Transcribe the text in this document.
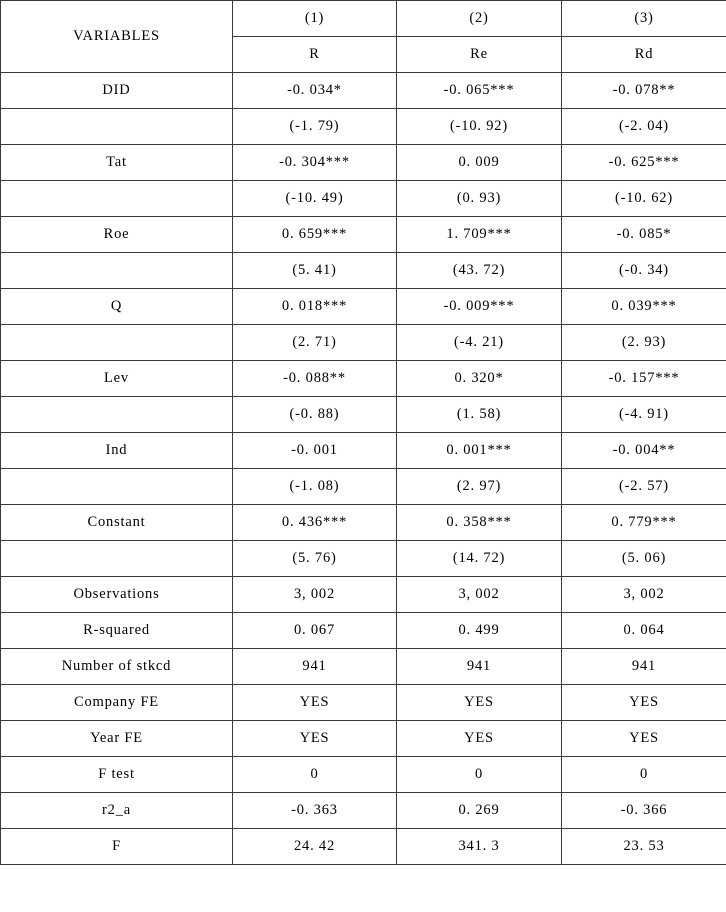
VARIABLES	(1)	(2)	(3)
	R	Re	Rd
DID	-0. 034*	-0. 065***	-0. 078**
	(-1. 79)	(-10. 92)	(-2. 04)
Tat	-0. 304***	0. 009	-0. 625***
	(-10. 49)	(0. 93)	(-10. 62)
Roe	0. 659***	1. 709***	-0. 085*
	(5. 41)	(43. 72)	(-0. 34)
Q	0. 018***	-0. 009***	0. 039***
	(2. 71)	(-4. 21)	(2. 93)
Lev	-0. 088**	0. 320*	-0. 157***
	(-0. 88)	(1. 58)	(-4. 91)
Ind	-0. 001	0. 001***	-0. 004**
	(-1. 08)	(2. 97)	(-2. 57)
Constant	0. 436***	0. 358***	0. 779***
	(5. 76)	(14. 72)	(5. 06)
Observations	3, 002	3, 002	3, 002
R-squared	0. 067	0. 499	0. 064
Number of stkcd	941	941	941
Company FE	YES	YES	YES
Year FE	YES	YES	YES
F test	0	0	0
r2_a	-0. 363	0. 269	-0. 366
F	24. 42	341. 3	23. 53
